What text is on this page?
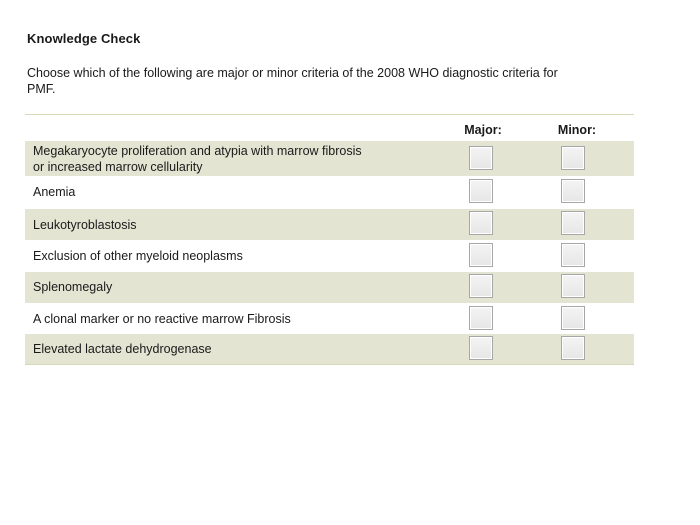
Knowledge Check
Choose which of the following are major or minor criteria of the 2008 WHO diagnostic criteria for PMF.
Major:	Minor:
Megakaryocyte proliferation and atypia with marrow fibrosis or increased marrow cellularity
Anemia
Leukotyroblastosis
Exclusion of other myeloid neoplasms
Splenomegaly
A clonal marker or no reactive marrow Fibrosis
Elevated lactate dehydrogenase
